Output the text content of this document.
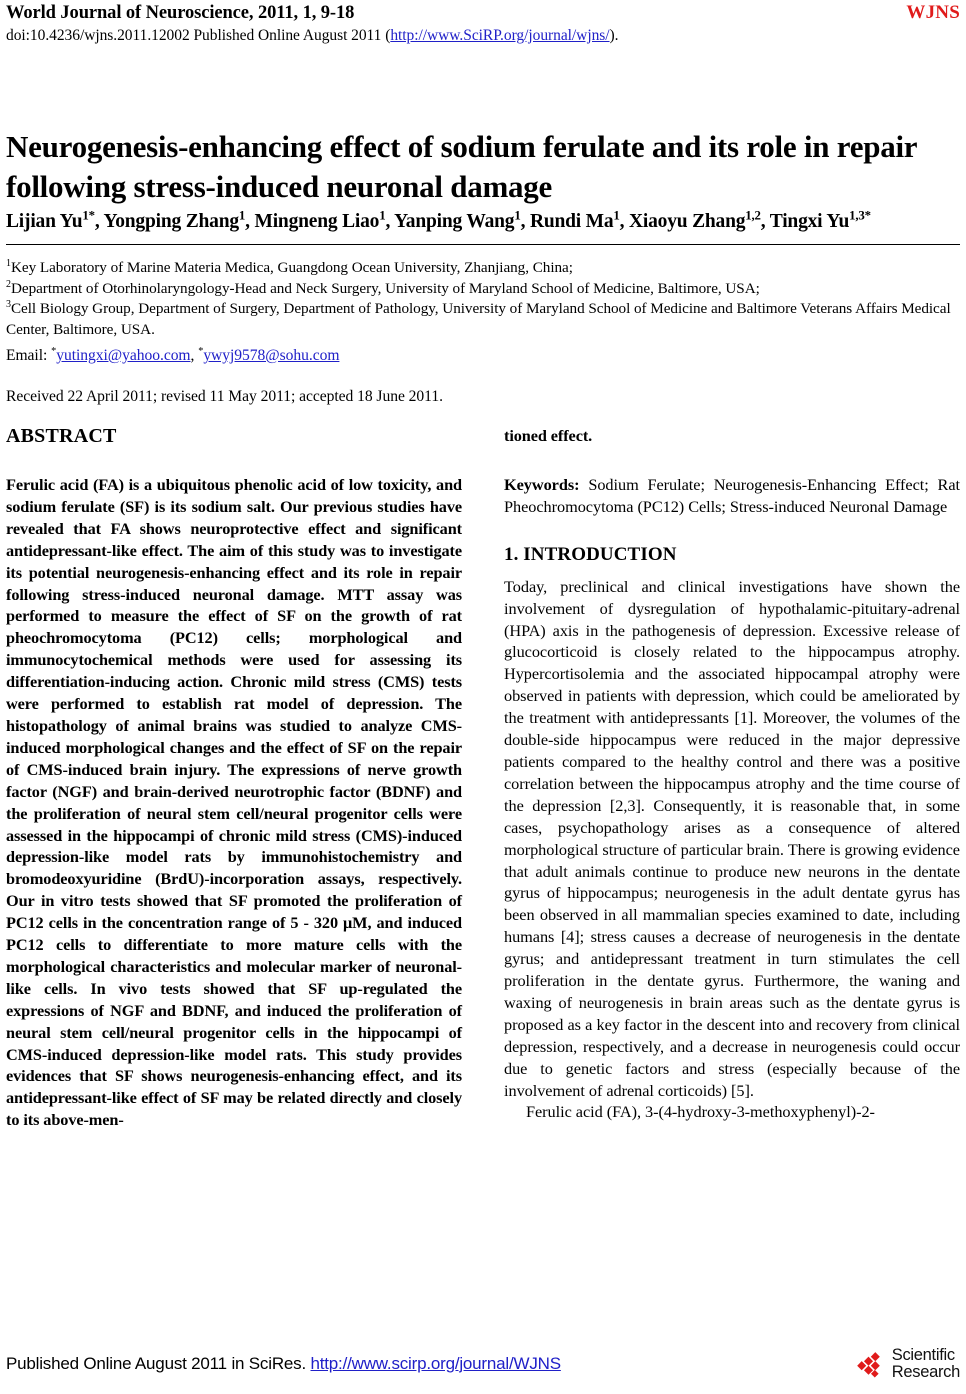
World Journal of Neuroscience, 2011, 1, 9-18	WJNS
doi:10.4236/wjns.2011.12002 Published Online August 2011 (http://www.SciRP.org/journal/wjns/).
Neurogenesis-enhancing effect of sodium ferulate and its role in repair following stress-induced neuronal damage
Lijian $Yu^{1*}$, Yongping Zhang$^1$, Mingneng Liao$^1$, Yanping Wang$^1$, Rundi Ma$^1$, Xiaoyu Zhang$^{1,2}$, Tingxi $Yu^{1,3*}$
$^1$Key Laboratory of Marine Materia Medica, Guangdong Ocean University, Zhanjiang, China;
$^2$Department of Otorhinolaryngology-Head and Neck Surgery, University of Maryland School of Medicine, Baltimore, USA;
$^3$Cell Biology Group, Department of Surgery, Department of Pathology, University of Maryland School of Medicine and Baltimore Veterans Affairs Medical Center, Baltimore, USA.
Email: *yutingxi@yahoo.com, *ywyj9578@sohu.com
Received 22 April 2011; revised 11 May 2011; accepted 18 June 2011.
ABSTRACT

Ferulic acid (FA) is a ubiquitous phenolic acid of low toxicity, and sodium ferulate (SF) is its sodium salt. Our previous studies have revealed that FA shows neuroprotective effect and significant antidepressant-like effect. The aim of this study was to investigate its potential neurogenesis-enhancing effect and its role in repair following stress-induced neuronal damage. MTT assay was performed to measure the effect of SF on the growth of rat pheochromocytoma (PC12) cells; morphological and immunocytochemical methods were used for assessing its differentiation-inducing action. Chronic mild stress (CMS) tests were performed to establish rat model of depression. The histopathology of animal brains was studied to analyze CMS-induced morphological changes and the effect of SF on the repair of CMS-induced brain injury. The expressions of nerve growth factor (NGF) and brain-derived neurotrophic factor (BDNF) and the proliferation of neural stem cell/neural progenitor cells were assessed in the hippocampi of chronic mild stress (CMS)-induced depression-like model rats by immunohistochemistry and bromodeoxyuridine (BrdU)-incorporation assays, respectively. Our in vitro tests showed that SF promoted the proliferation of PC12 cells in the concentration range of 5 - 320 μM, and induced PC12 cells to differentiate to more mature cells with the morphological characteristics and molecular marker of neuronal-like cells. In vivo tests showed that SF up-regulated the expressions of NGF and BDNF, and induced the proliferation of neural stem cell/neural progenitor cells in the hippocampi of CMS-induced depression-like model rats. This study provides evidences that SF shows neurogenesis-enhancing effect, and its antidepressant-like effect of SF may be related directly and closely to its above-men-

tioned effect.

Keywords: Sodium Ferulate; Neurogenesis-Enhancing Effect; Rat Pheochromocytoma (PC12) Cells; Stress-induced Neuronal Damage

1. INTRODUCTION

Today, preclinical and clinical investigations have shown the involvement of dysregulation of hypothalamic-pituitary-adrenal (HPA) axis in the pathogenesis of depression. Excessive release of glucocorticoid is closely related to the hippocampus atrophy. Hypercortisolemia and the associated hippocampal atrophy were observed in patients with depression, which could be ameliorated by the treatment with antidepressants [1]. Moreover, the volumes of the double-side hippocampus were reduced in the major depressive patients compared to the healthy control and there was a positive correlation between the hippocampus atrophy and the time course of the depression [2,3]. Consequently, it is reasonable that, in some cases, psychopathology arises as a consequence of altered morphological structure of particular brain. There is growing evidence that adult animals continue to produce new neurons in the dentate gyrus of hippocampus; neurogenesis in the adult dentate gyrus has been observed in all mammalian species examined to date, including humans [4]; stress causes a decrease of neurogenesis in the dentate gyrus; and antidepressant treatment in turn stimulates the cell proliferation in the dentate gyrus. Furthermore, the waning and waxing of neurogenesis in brain areas such as the dentate gyrus is proposed as a key factor in the descent into and recovery from clinical depression, respectively, and a decrease in neurogenesis could occur due to genetic factors and stress (especially because of the involvement of adrenal corticoids) [5].

Ferulic acid (FA), 3-(4-hydroxy-3-methoxyphenyl)-2-

Published Online August 2011 in SciRes. http://www.scirp.org/journal/WJNS	Scientific
Research
